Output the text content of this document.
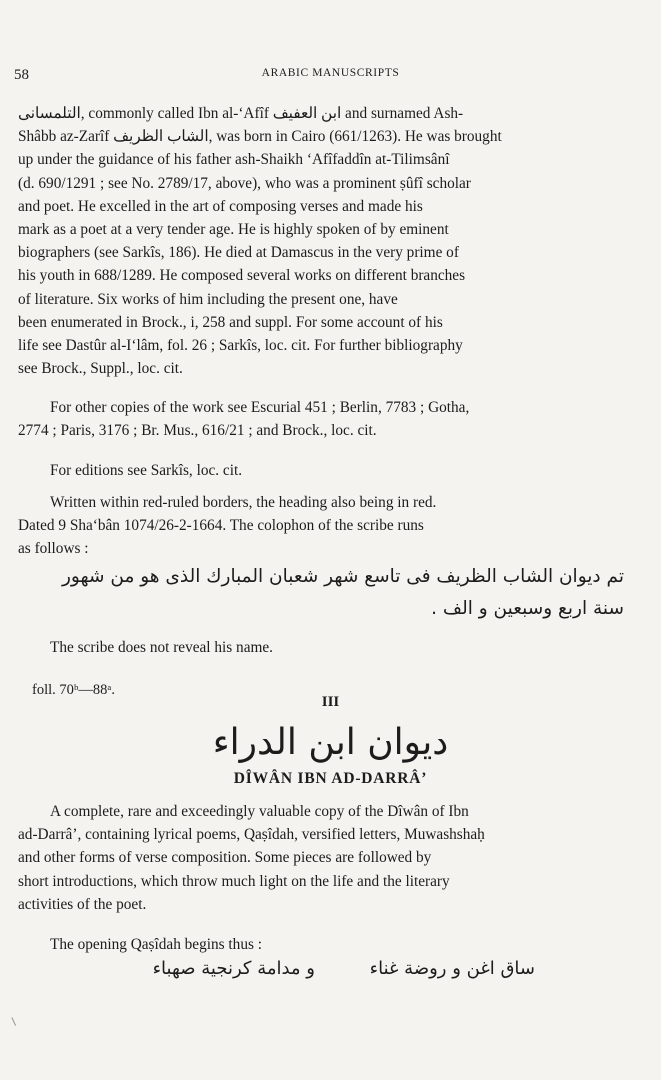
58	ARABIC MANUSCRIPTS
التلمسانى, commonly called Ibn al-‘Afîf ابن العفيف and surnamed Ash-
Shâbb az-Zarîf الشاب الظريف, was born in Cairo (661/1263). He was brought
up under the guidance of his father ash-Shaikh ‘Afîfaddîn at-Tilimsânî
(d. 690/1291 ; see No. 2789/17, above), who was a prominent ṣûfî scholar
and poet. He excelled in the art of composing verses and made his
mark as a poet at a very tender age. He is highly spoken of by eminent
biographers (see Sarkîs, 186). He died at Damascus in the very prime of
his youth in 688/1289. He composed several works on different branches
of literature. Six works of him including the present one, have
been enumerated in Brock., i, 258 and suppl. For some account of his
life see Dastûr al-I‘lâm, fol. 26 ; Sarkîs, loc. cit. For further bibliography
see Brock., Suppl., loc. cit.
For other copies of the work see Escurial 451 ; Berlin, 7783 ; Gotha,
2774 ; Paris, 3176 ; Br. Mus., 616/21 ; and Brock., loc. cit.
For editions see Sarkîs, loc. cit.
Written within red-ruled borders, the heading also being in red.
Dated 9 Sha‘bân 1074/26-2-1664. The colophon of the scribe runs
as follows :
تم ديوان الشاب الظريف فى تاسع شهر شعبان المبارك الذى هو من شهور
سنة اربع وسبعين و الف .
The scribe does not reveal his name.
foll. 70ᵇ—88ᵃ.
III
ديوان ابن الدراء
DÎWÂN IBN AD-DARRÂ’
A complete, rare and exceedingly valuable copy of the Dîwân of Ibn
ad-Darrâ’, containing lyrical poems, Qaṣîdah, versified letters, Muwashshaḥ
and other forms of verse composition. Some pieces are followed by
short introductions, which throw much light on the life and the literary
activities of the poet.
The opening Qaṣîdah begins thus :
ساق اغن و روضة غناء
و مدامة كرنجية صهباء
